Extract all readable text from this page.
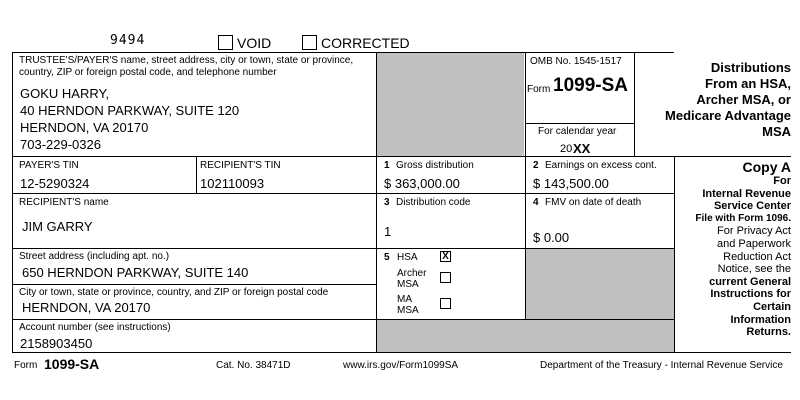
9494	VOID	CORRECTED
TRUSTEE'S/PAYER'S name, street address, city or town, state or province, country, ZIP or foreign postal code, and telephone number
GOKU HARRY,
40 HERNDON PARKWAY, SUITE 120
HERNDON, VA 20170
703-229-0326
OMB No. 1545-1517
Form 1099-SA
For calendar year
20 XX
Distributions
From an HSA,
Archer MSA, or
Medicare Advantage
MSA
PAYER'S TIN
12-5290324
RECIPIENT'S TIN
102110093
1 Gross distribution
$ 363,000.00
2 Earnings on excess cont.
$ 143,500.00
RECIPIENT'S name
JIM GARRY
3 Distribution code
1
4 FMV on date of death
$ 0.00
Street address (including apt. no.)
650 HERNDON PARKWAY, SUITE 140
City or town, state or province, country, and ZIP or foreign postal code
HERNDON, VA 20170
5 HSA X
Archer
MSA
MA
MSA
Account number (see instructions)
2158903450
Copy A
For
Internal Revenue
Service Center
File with Form 1096.
For Privacy Act
and Paperwork
Reduction Act
Notice, see the
current General
Instructions for
Certain
Information
Returns.
Form 1099-SA	Cat. No. 38471D	www.irs.gov/Form1099SA	Department of the Treasury - Internal Revenue Service
